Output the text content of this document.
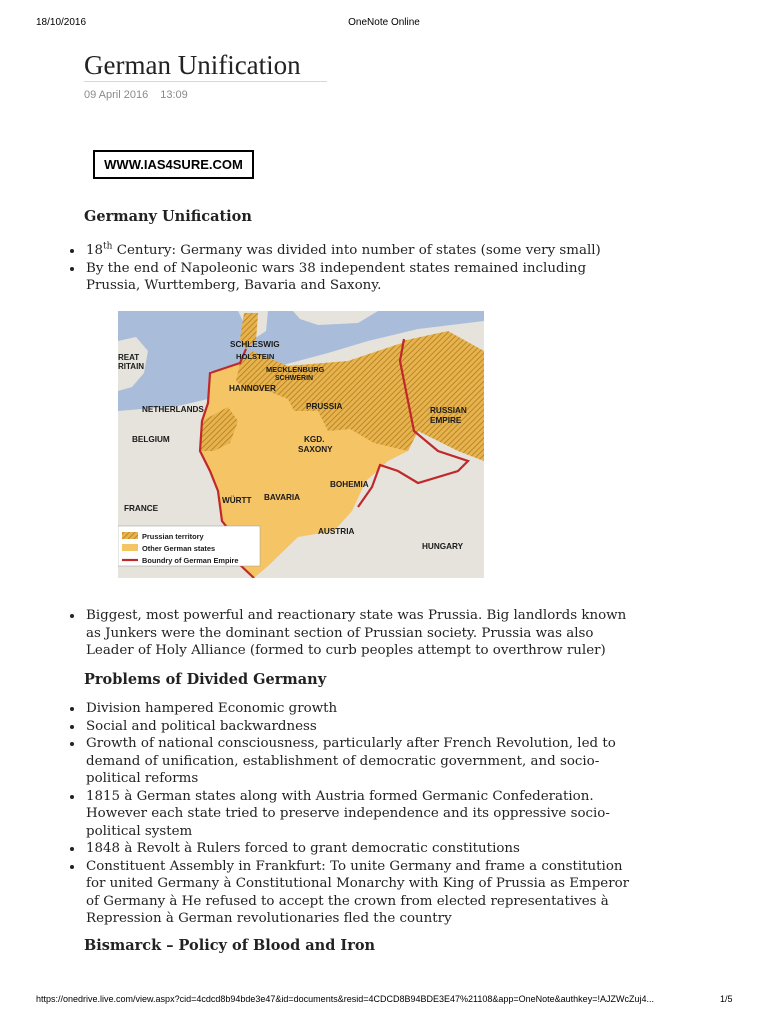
18/10/2016	OneNote Online
German Unification
09 April 2016 13:09
WWW.IAS4SURE.COM
Germany Unification
• 18th Century: Germany was divided into number of states (some very small)
• By the end of Napoleonic wars 38 independent states remained including Prussia, Wurttemberg, Bavaria and Saxony.
SCHLESWIG
HOLSTEIN
REAT
RITAIN	MECKLENBURG
SCHWERIN
HANNOVER
PRUSSIA
NETHERLANDS	RUSSIAN
EMPIRE
BELGIUM	KGD.
SAXONY
BOHEMIA
BAVARIA
FRANCE
WÜRTT
AUSTRIA
HUNGARY
Prussian territory
Other German states
Boundry of German Empire
• Biggest, most powerful and reactionary state was Prussia. Big landlords known as Junkers were the dominant section of Prussian society. Prussia was also Leader of Holy Alliance (formed to curb peoples attempt to overthrow ruler)
Problems of Divided Germany
• Division hampered Economic growth
• Social and political backwardness
• Growth of national consciousness, particularly after French Revolution, led to demand of unification, establishment of democratic government, and socio-political reforms
• 1815 à German states along with Austria formed Germanic Confederation. However each state tried to preserve independence and its oppressive socio-political system
• 1848 à Revolt à Rulers forced to grant democratic constitutions
• Constituent Assembly in Frankfurt: To unite Germany and frame a constitution for united Germany à Constitutional Monarchy with King of Prussia as Emperor of Germany à He refused to accept the crown from elected representatives à Repression à German revolutionaries fled the country
Bismarck – Policy of Blood and Iron
https://onedrive.live.com/view.aspx?cid=4cdcd8b94bde3e47&id=documents&resid=4CDCD8B94BDE3E47%21108&app=OneNote&authkey=!AJZWcZuj4...	1/5
